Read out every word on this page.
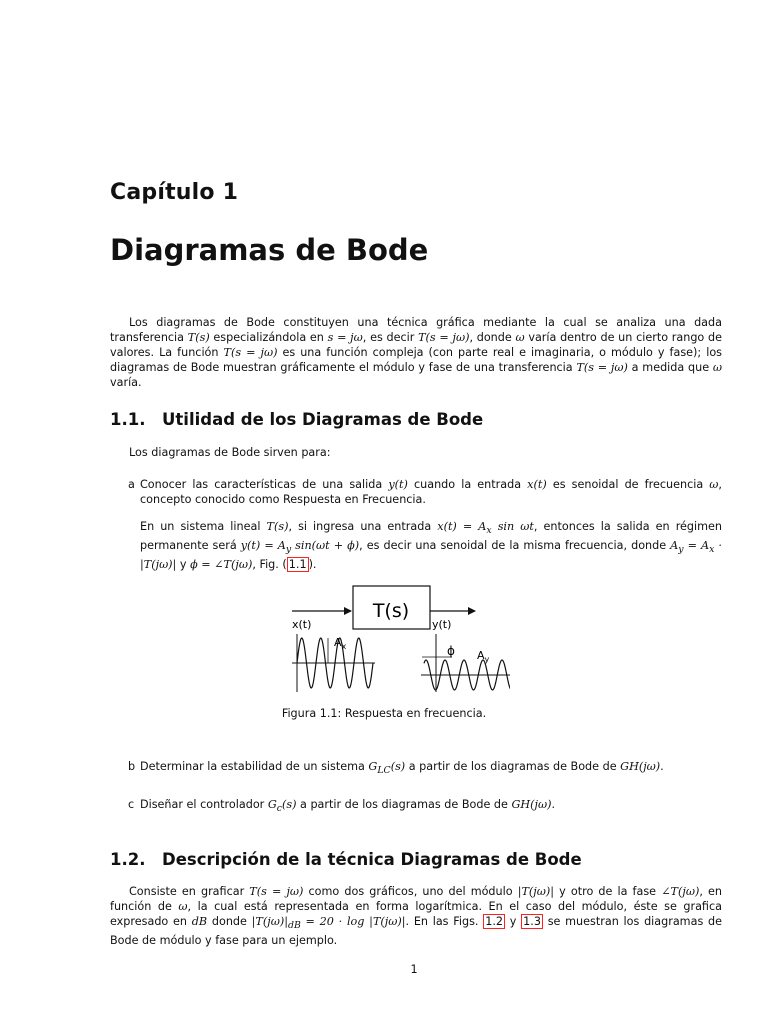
Capítulo 1
Diagramas de Bode
Los diagramas de Bode constituyen una técnica gráfica mediante la cual se analiza una dada transferencia T(s) especializándola en s = jω, es decir T(s = jω), donde ω varía dentro de un cierto rango de valores. La función T(s = jω) es una función compleja (con parte real e imaginaria, o módulo y fase); los diagramas de Bode muestran gráficamente el módulo y fase de una transferencia T(s = jω) a medida que ω varía.
1.1. Utilidad de los Diagramas de Bode
Los diagramas de Bode sirven para:
a Conocer las características de una salida y(t) cuando la entrada x(t) es senoidal de frecuencia ω, concepto conocido como Respuesta en Frecuencia.
En un sistema lineal T(s), si ingresa una entrada $x(t) = A_x$ sin ωt, entonces la salida en régimen permanente será $y(t) = A_y$ sin(ωt + ϕ), es decir una senoidal de la misma frecuencia, donde $A_y = A_x \cdot |T(j\omega)|$ y ϕ = ∠T(jω), Fig. ( 1.1 ).
T(s)
x(t)	y(t)
$A_x$	ϕ $A_y$
Figura 1.1: Respuesta en frecuencia.
b Determinar la estabilidad de un sistema $G_{LC}(s)$ a partir de los diagramas de Bode de GH(jω).
c Diseñar el controlador $G_c(s)$ a partir de los diagramas de Bode de GH(jω).
1.2. Descripción de la técnica Diagramas de Bode
Consiste en graficar T(s = jω) como dos gráficos, uno del módulo |T(jω)| y otro de la fase ∠T(jω), en función de ω, la cual está representada en forma logarítmica. En el caso del módulo, éste se grafica expresado en dB donde $|T(j\omega)|_{dB} = 20 \cdot \log |T(j\omega)|$. En las Figs. 1.2 y 1.3 se muestran los diagramas de Bode de módulo y fase para un ejemplo.
1
